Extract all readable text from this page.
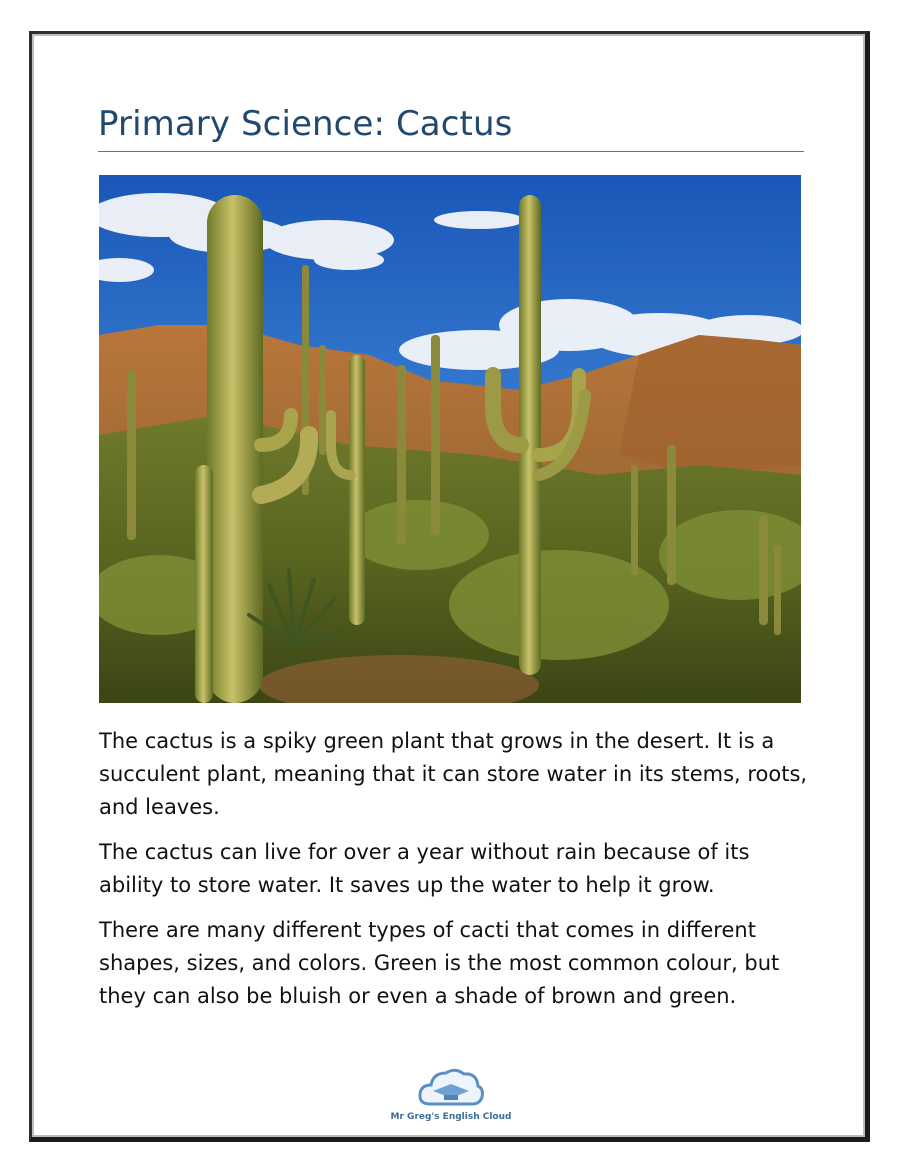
Primary Science: Cactus

The cactus is a spiky green plant that grows in the desert. It is a succulent plant, meaning that it can store water in its stems, roots, and leaves.

The cactus can live for over a year without rain because of its ability to store water. It saves up the water to help it grow.

There are many different types of cacti that comes in different shapes, sizes, and colors. Green is the most common colour, but they can also be bluish or even a shade of brown and green.

Mr Greg's English Cloud
